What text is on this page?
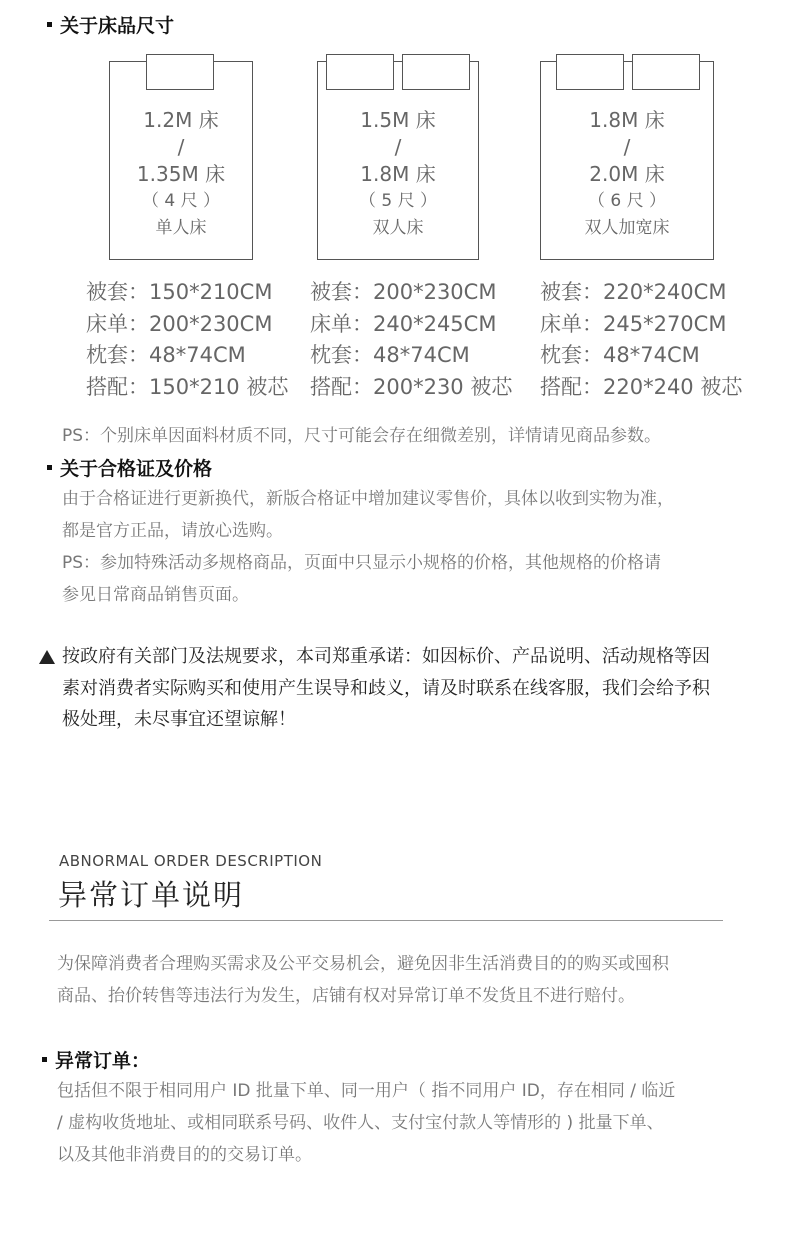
关于床品尺寸
1.2M 床
/
1.35M 床
（ 4 尺 ）
单人床
1.5M 床
/
1.8M 床
（ 5 尺 ）
双人床
1.8M 床
/
2.0M 床
（ 6 尺 ）
双人加宽床
被套：150*210CM
床单：200*230CM
枕套：48*74CM
搭配：150*210 被芯
被套：200*230CM
床单：240*245CM
枕套：48*74CM
搭配：200*230 被芯
被套：220*240CM
床单：245*270CM
枕套：48*74CM
搭配：220*240 被芯
PS：个别床单因面料材质不同，尺寸可能会存在细微差别，详情请见商品参数。
关于合格证及价格
由于合格证进行更新换代，新版合格证中增加建议零售价，具体以收到实物为准，
都是官方正品，请放心选购。
PS：参加特殊活动多规格商品，页面中只显示小规格的价格，其他规格的价格请
参见日常商品销售页面。
按政府有关部门及法规要求，本司郑重承诺：如因标价、产品说明、活动规格等因
素对消费者实际购买和使用产生误导和歧义，请及时联系在线客服，我们会给予积
极处理，未尽事宜还望谅解！
ABNORMAL ORDER DESCRIPTION
异常订单说明
为保障消费者合理购买需求及公平交易机会，避免因非生活消费目的的购买或囤积
商品、抬价转售等违法行为发生，店铺有权对异常订单不发货且不进行赔付。
异常订单：
包括但不限于相同用户 ID 批量下单、同一用户（ 指不同用户 ID，存在相同 / 临近
/ 虚构收货地址、或相同联系号码、收件人、支付宝付款人等情形的 ) 批量下单、
以及其他非消费目的的交易订单。
